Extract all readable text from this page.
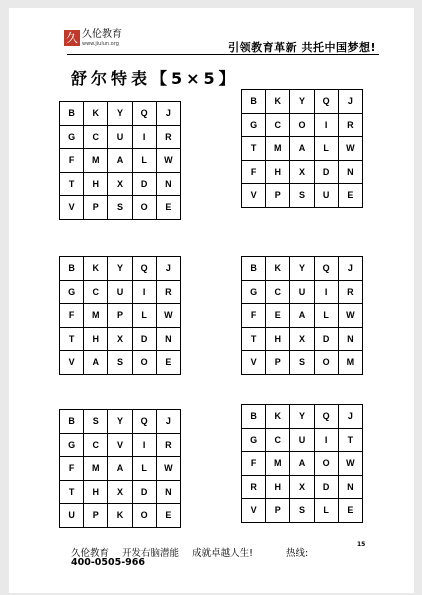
久 久伦教育
www.jiulun.org	引领教育革新 共托中国梦想!
舒尔特表【5×5】
B	K	Y	Q	J
G	C	U	I	R
F	M	A	L	W
T	H	X	D	N
V	P	S	O	E
B	K	Y	Q	J
G	C	O	I	R
T	M	A	L	W
F	H	X	D	N
V	P	S	U	E
B	K	Y	Q	J
G	C	U	I	R
F	M	P	L	W
T	H	X	D	N
V	A	S	O	E
B	K	Y	Q	J
G	C	U	I	R
F	E	A	L	W
T	H	X	D	N
V	P	S	O	M
B	S	Y	Q	J
G	C	V	I	R
F	M	A	L	W
T	H	X	D	N
U	P	K	O	E
B	K	Y	Q	J
G	C	U	I	T
F	M	A	O	W
R	H	X	D	N
V	P	S	L	E
久伦教育 开发右脑潜能 成就卓越人生!	热线:
15
400-0505-966
